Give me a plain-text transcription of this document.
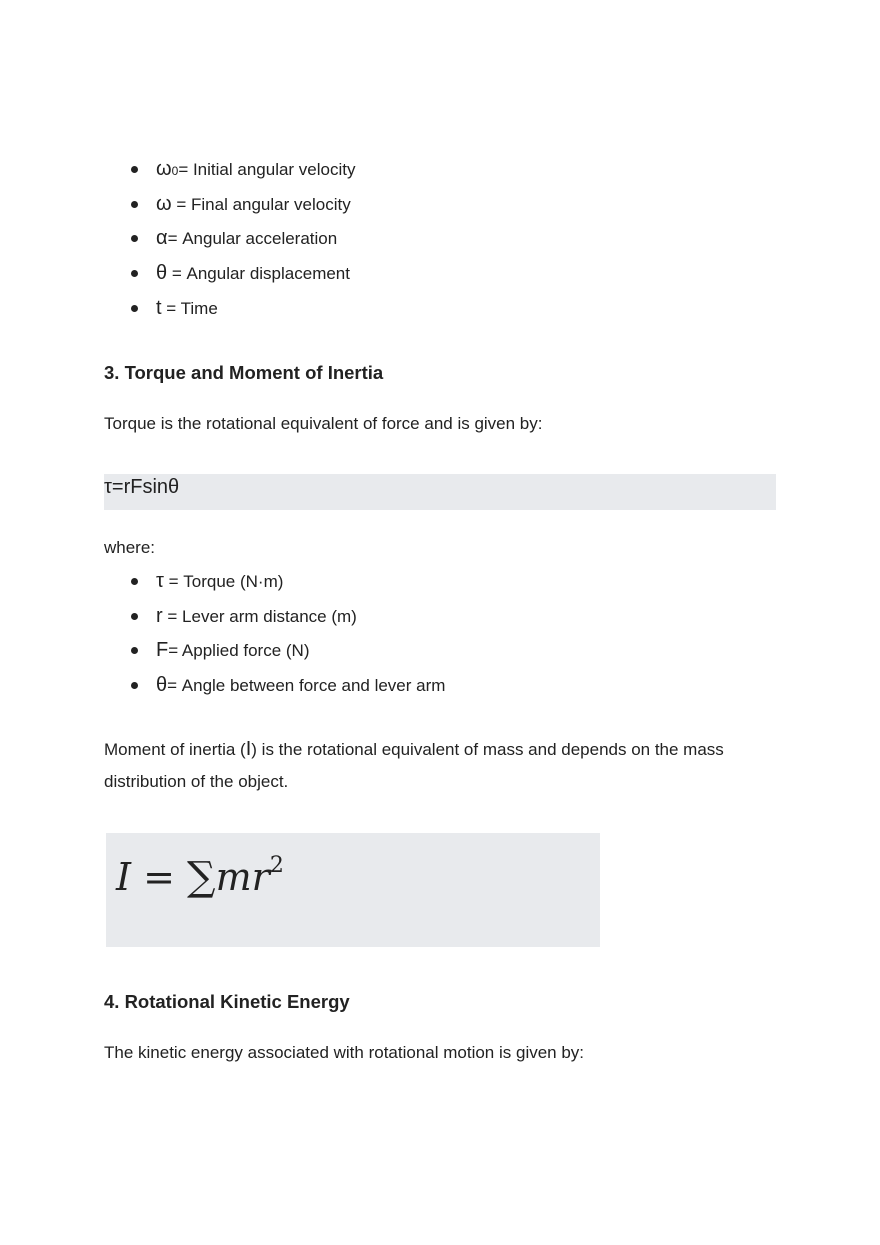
ω0= Initial angular velocity
ω = Final angular velocity
α= Angular acceleration
θ = Angular displacement
t = Time
3. Torque and Moment of Inertia

Torque is the rotational equivalent of force and is given by:

τ=rFsinθ

where:

τ = Torque (N·m)
r = Lever arm distance (m)
F= Applied force (N)
θ= Angle between force and lever arm

Moment of inertia (I) is the rotational equivalent of mass and depends on the mass distribution of the object.

$I = \sum mr^2$
4. Rotational Kinetic Energy

The kinetic energy associated with rotational motion is given by:
